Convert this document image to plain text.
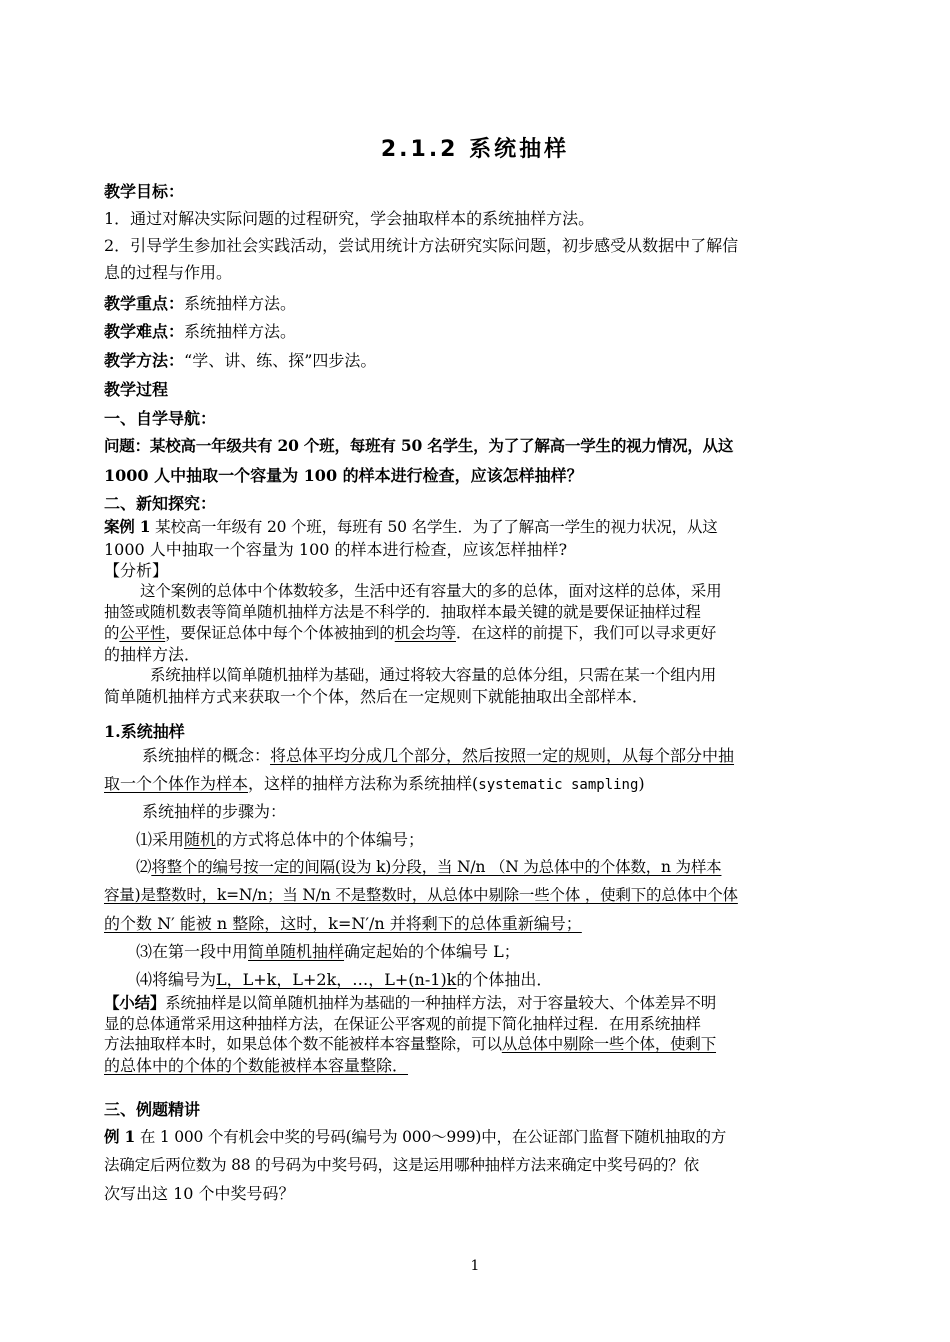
2.1.2 系统抽样
教学目标：
1．通过对解决实际问题的过程研究，学会抽取样本的系统抽样方法。
2．引导学生参加社会实践活动，尝试用统计方法研究实际问题，初步感受从数据中了解信
息的过程与作用。
教学重点：系统抽样方法。
教学难点：系统抽样方法。
教学方法：“学、讲、练、探”四步法。
教学过程
一、自学导航：
问题：某校高一年级共有 20 个班，每班有 50 名学生，为了了解高一学生的视力情况，从这
1000 人中抽取一个容量为 100 的样本进行检查，应该怎样抽样？
二、新知探究：
案例 1 某校高一年级有 20 个班，每班有 50 名学生．为了了解高一学生的视力状况，从这
1000 人中抽取一个容量为 100 的样本进行检查，应该怎样抽样?
【分析】
这个案例的总体中个体数较多，生活中还有容量大的多的总体，面对这样的总体，采用
抽签或随机数表等简单随机抽样方法是不科学的．抽取样本最关键的就是要保证抽样过程
的公平性，要保证总体中每个个体被抽到的机会均等．在这样的前提下，我们可以寻求更好
的抽样方法．
系统抽样以简单随机抽样为基础，通过将较大容量的总体分组，只需在某一个组内用
简单随机抽样方式来获取一个个体，然后在一定规则下就能抽取出全部样本．
1.系统抽样
系统抽样的概念：将总体平均分成几个部分，然后按照一定的规则，从每个部分中抽
取一个个体作为样本，这样的抽样方法称为系统抽样(systematic sampling)
系统抽样的步骤为：
⑴采用随机的方式将总体中的个体编号；
⑵将整个的编号按一定的间隔(设为 k)分段，当 N/n （N 为总体中的个体数，n 为样本
容量)是整数时，k=N/n；当 N/n 不是整数时，从总体中剔除一些个体 ，使剩下的总体中个体
的个数 N′ 能被 n 整除，这时，k=N′/n 并将剩下的总体重新编号；
⑶在第一段中用简单随机抽样确定起始的个体编号 L；
⑷将编号为L，L+k，L+2k，…，L+(n-1)k的个体抽出．
【小结】系统抽样是以简单随机抽样为基础的一种抽样方法，对于容量较大、个体差异不明
显的总体通常采用这种抽样方法，在保证公平客观的前提下简化抽样过程．在用系统抽样
方法抽取样本时，如果总体个数不能被样本容量整除，可以从总体中剔除一些个体，使剩下
的总体中的个体的个数能被样本容量整除．
三、例题精讲
例 1 在 1 000 个有机会中奖的号码(编号为 000～999)中，在公证部门监督下随机抽取的方
法确定后两位数为 88 的号码为中奖号码，这是运用哪种抽样方法来确定中奖号码的？依
次写出这 10 个中奖号码？
1
